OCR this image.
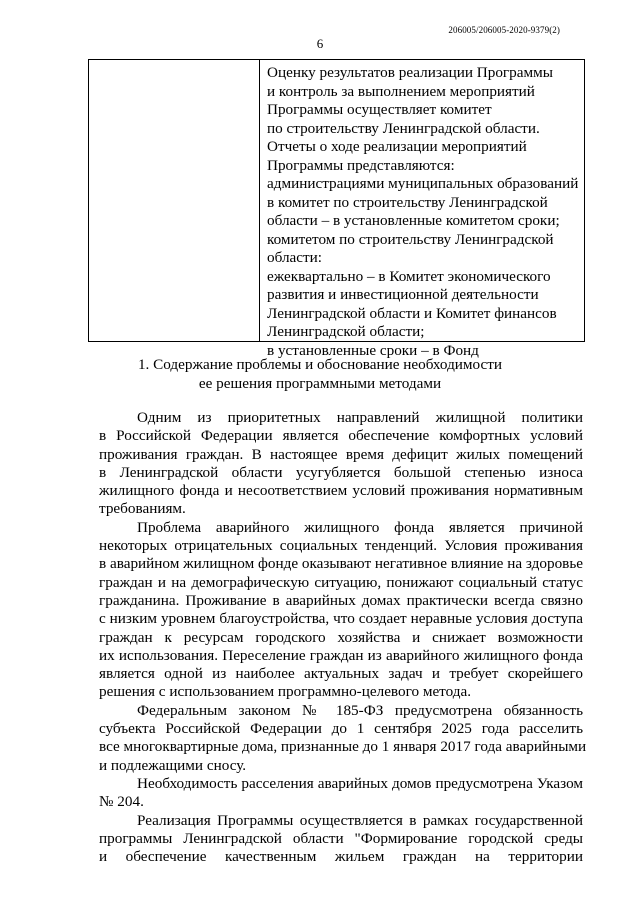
206005/206005-2020-9379(2)
6
Оценку результатов реализации Программы
и контроль за выполнением мероприятий
Программы осуществляет комитет
по строительству Ленинградской области.
Отчеты о ходе реализации мероприятий
Программы представляются:
администрациями муниципальных образований
в комитет по строительству Ленинградской
области – в установленные комитетом сроки;
комитетом по строительству Ленинградской
области:
ежеквартально – в Комитет экономического
развития и инвестиционной деятельности
Ленинградской области и Комитет финансов
Ленинградской области;
в установленные сроки – в Фонд
1. Содержание проблемы и обоснование необходимости
ее решения программными методами
Одним из приоритетных направлений жилищной политики
в Российской Федерации является обеспечение комфортных условий
проживания граждан. В настоящее время дефицит жилых помещений
в Ленинградской области усугубляется большой степенью износа
жилищного фонда и несоответствием условий проживания нормативным
требованиям.
Проблема аварийного жилищного фонда является причиной
некоторых отрицательных социальных тенденций. Условия проживания
в аварийном жилищном фонде оказывают негативное влияние на здоровье
граждан и на демографическую ситуацию, понижают социальный статус
гражданина. Проживание в аварийных домах практически всегда связно
с низким уровнем благоустройства, что создает неравные условия доступа
граждан к ресурсам городского хозяйства и снижает возможности
их использования. Переселение граждан из аварийного жилищного фонда
является одной из наиболее актуальных задач и требует скорейшего
решения с использованием программно-целевого метода.
Федеральным законом № 185-ФЗ предусмотрена обязанность
субъекта Российской Федерации до 1 сентября 2025 года расселить
все многоквартирные дома, признанные до 1 января 2017 года аварийными
и подлежащими сносу.
Необходимость расселения аварийных домов предусмотрена Указом
№ 204.
Реализация Программы осуществляется в рамках государственной
программы Ленинградской области "Формирование городской среды
и обеспечение качественным жильем граждан на территории
